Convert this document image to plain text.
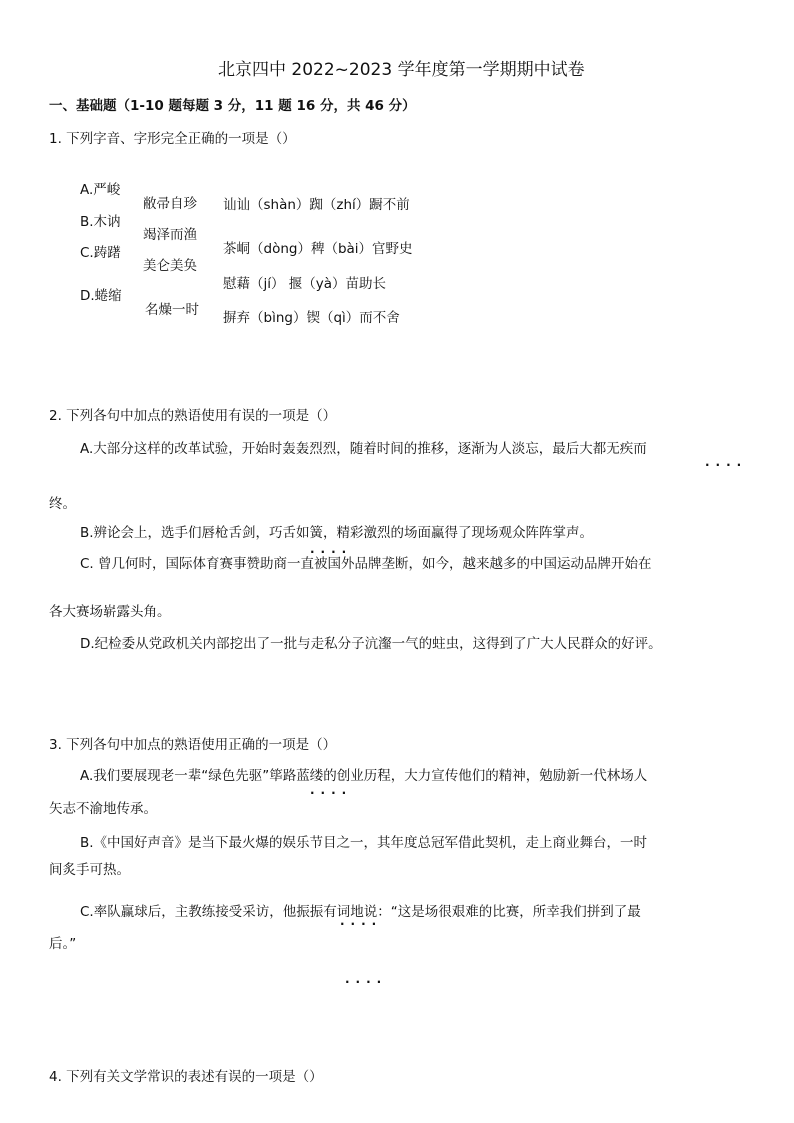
北京四中 2022~2023 学年度第一学期期中试卷
一、基础题（1-10 题每题 3 分，11 题 16 分，共 46 分）
1. 下列字音、字形完全正确的一项是（）
A.严峻
B.木讷
C.踌躇
D.蜷缩
敝帚自珍
竭泽而渔
美仑美奂
名燥一时
讪讪（shàn）踟（zhí）蹰不前
茶峒（dòng）稗（bài）官野史
慰藉（jí） 揠（yà）苗助长
摒弃（bìng）锲（qì）而不舍
2. 下列各句中加点的熟语使用有误的一项是（）
A.大部分这样的改革试验，开始时轰轰烈烈，随着时间的推移，逐渐为人淡忘，最后大都无疾而
····
终。
B.辨论会上，选手们唇枪舌剑，巧舌如簧，精彩激烈的场面赢得了现场观众阵阵掌声。
····
C. 曾几何时，国际体育赛事赞助商一直被国外品牌垄断，如今，越来越多的中国运动品牌开始在
各大赛场崭露头角。
D.纪检委从党政机关内部挖出了一批与走私分子沆瀣一气的蛀虫，这得到了广大人民群众的好评。
3. 下列各句中加点的熟语使用正确的一项是（）
A.我们要展现老一辈“绿色先驱”筚路蓝缕的创业历程，大力宣传他们的精神，勉励新一代林场人
····
矢志不渝地传承。
B.《中国好声音》是当下最火爆的娱乐节目之一，其年度总冠军借此契机，走上商业舞台，一时
间炙手可热。
C.率队赢球后，主教练接受采访，他振振有词地说：“这是场很艰难的比赛，所幸我们拼到了最
····
后。”
····
4. 下列有关文学常识的表述有误的一项是（）
